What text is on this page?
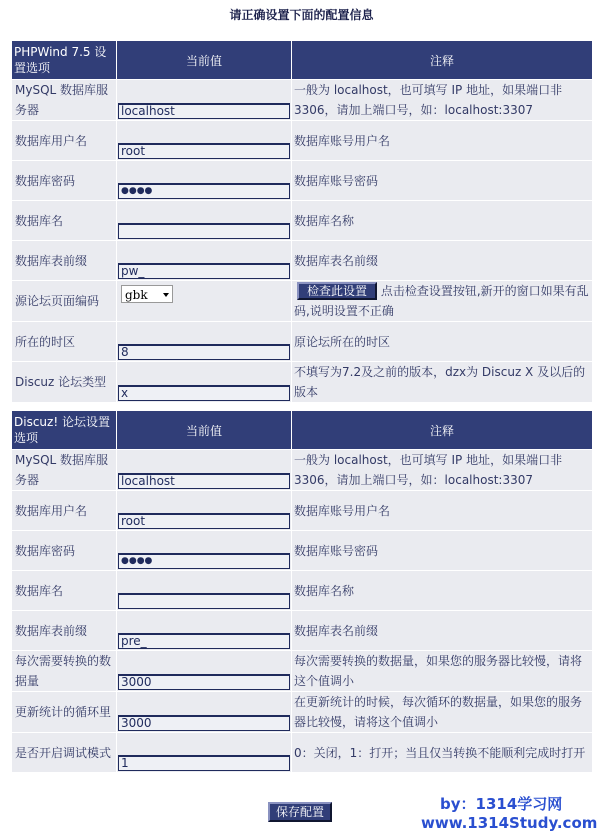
请正确设置下面的配置信息
PHPWind 7.5 设置选项	当前值	注释
MySQL 数据库服务器	localhost	一般为 localhost，也可填写 IP 地址，如果端口非 3306，请加上端口号，如：localhost:3307
数据库用户名	root	数据库账号用户名
数据库密码	●●●●	数据库账号密码
数据库名		数据库名称
数据库表前缀	pw_	数据库表名前缀
源论坛页面编码	gbk	检查此设置 点击检查设置按钮,新开的窗口如果有乱码,说明设置不正确
所在的时区	8	原论坛所在的时区
Discuz 论坛类型	x	不填写为7.2及之前的版本，dzx为 Discuz X 及以后的版本
Discuz! 论坛设置选项	当前值	注释
MySQL 数据库服务器	localhost	一般为 localhost，也可填写 IP 地址，如果端口非 3306，请加上端口号，如：localhost:3307
数据库用户名	root	数据库账号用户名
数据库密码	●●●●	数据库账号密码
数据库名		数据库名称
数据库表前缀	pre_	数据库表名前缀
每次需要转换的数据量	3000	每次需要转换的数据量，如果您的服务器比较慢，请将这个值调小
更新统计的循环里	3000	在更新统计的时候，每次循环的数据量，如果您的服务器比较慢，请将这个值调小
是否开启调试模式	1	0：关闭，1：打开；当且仅当转换不能顺利完成时打开
保存配置	by：1314学习网
www.1314Study.com
